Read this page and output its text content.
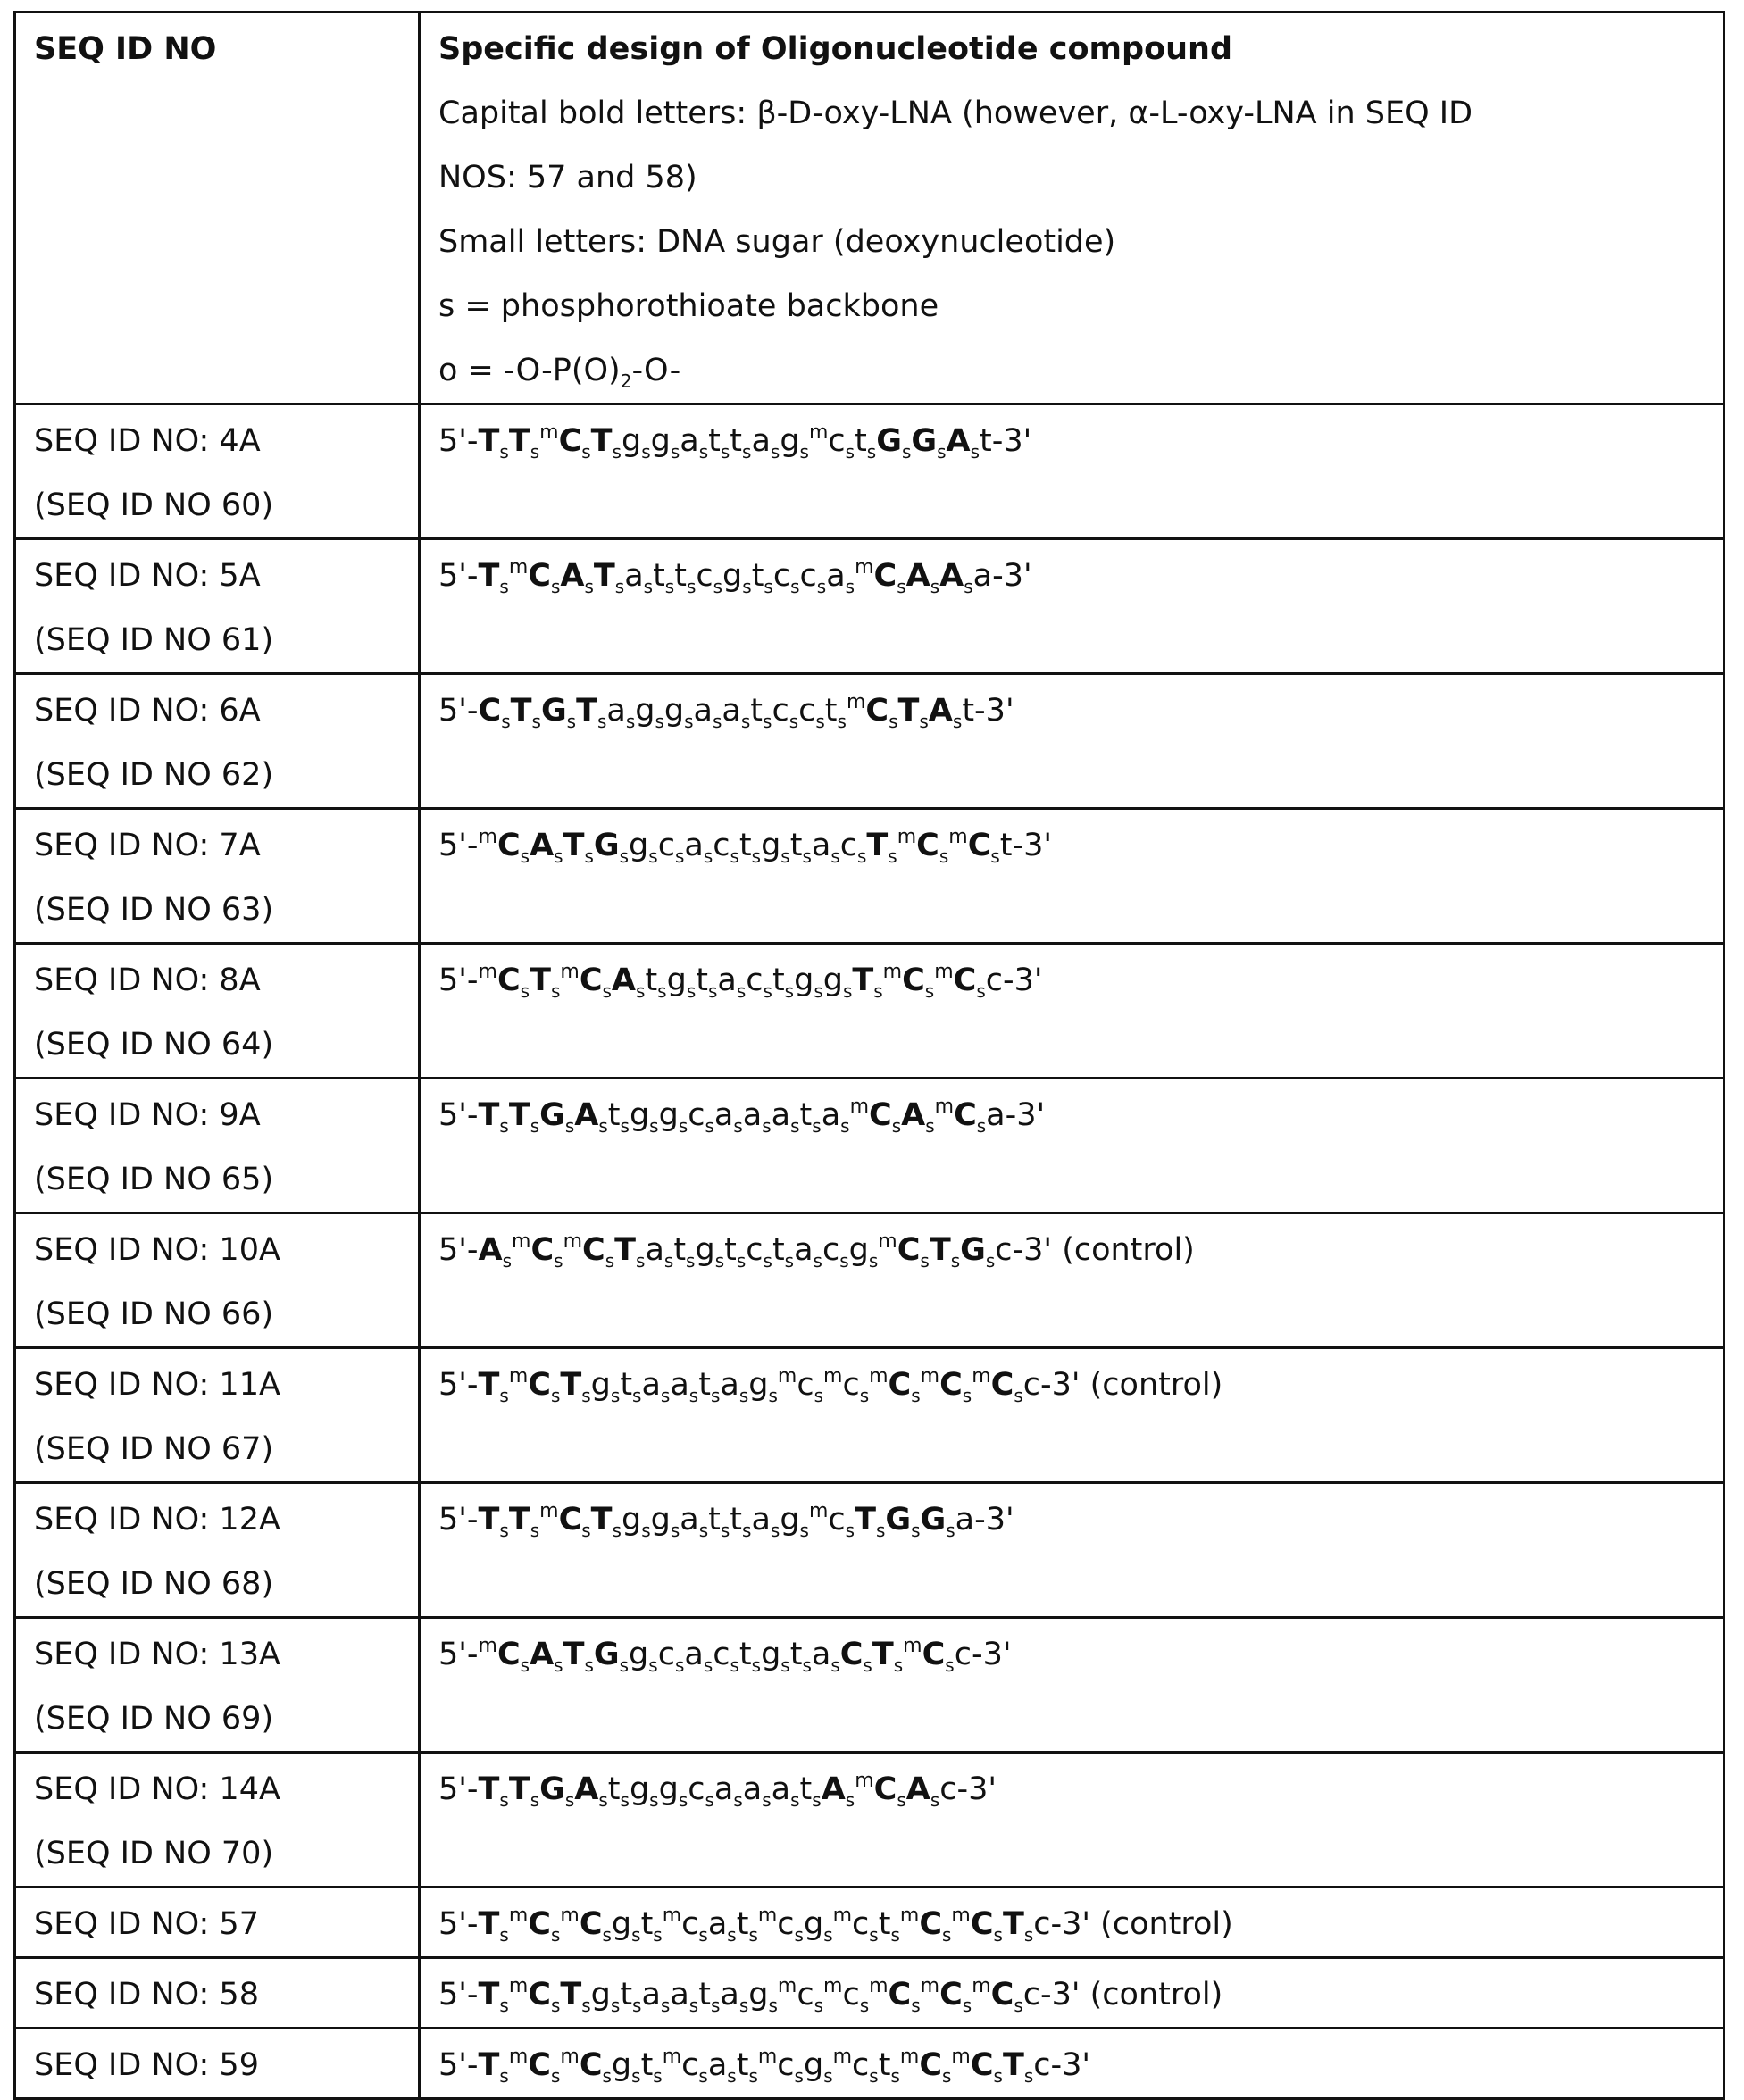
SEQ ID NO	Specific design of Oligonucleotide compound
Capital bold letters: β-D-oxy-LNA (however, α-L-oxy-LNA in SEQ ID
NOS: 57 and 58)
Small letters: DNA sugar (deoxynucleotide)
s = phosphorothioate backbone
o = -O-P(O)2-O-

SEQ ID NO: 4A
(SEQ ID NO 60)

5'-TsTsmCsTsgsgsaststsasgsmcstsGsGsAst-3'

SEQ ID NO: 5A
(SEQ ID NO 61)

5'-TsmCsAsTsaststscsgstscscsasmCsAsAsa-3'

SEQ ID NO: 6A
(SEQ ID NO 62)

5'-CsTsGsTsasgsgsasastscscstsmCsTsAst-3'

SEQ ID NO: 7A
(SEQ ID NO 63)

5'-mCsAsTsGsgscsascstsgstsascsTsmCsmCst-3'

SEQ ID NO: 8A
(SEQ ID NO 64)

5'-mCsTsmCsAstsgstsascstsgsgsTsmCsmCsc-3'

SEQ ID NO: 9A
(SEQ ID NO 65)

5'-TsTsGsAstsgsgscsasasastsasmCsAsmCsa-3'

SEQ ID NO: 10A
(SEQ ID NO 66)

5'-AsmCsmCsTsastsgstscstsascsgsmCsTsGsc-3' (control)

SEQ ID NO: 11A
(SEQ ID NO 67)

5'-TsmCsTsgstsasastsasgsmcsmcsmCsmCsmCsc-3' (control)

SEQ ID NO: 12A
(SEQ ID NO 68)

5'-TsTsmCsTsgsgsaststsasgsmcsTsGsGsa-3'

SEQ ID NO: 13A
(SEQ ID NO 69)

5'-mCsAsTsGsgscsascstsgstsasCsTsmCsc-3'

SEQ ID NO: 14A
(SEQ ID NO 70)

5'-TsTsGsAstsgsgscsasasastsAsmCsAsc-3'

SEQ ID NO: 57	5'-TsmCsmCsgstsmcsastsmcsgsmcstsmCsmCsTsc-3' (control)

SEQ ID NO: 58	5'-TsmCsTsgstsasastsasgsmcsmcsmCsmCsmCsc-3' (control)

SEQ ID NO: 59	5'-TsmCsmCsgstsmcsastsmcsgsmcstsmCsmCsTsc-3'
